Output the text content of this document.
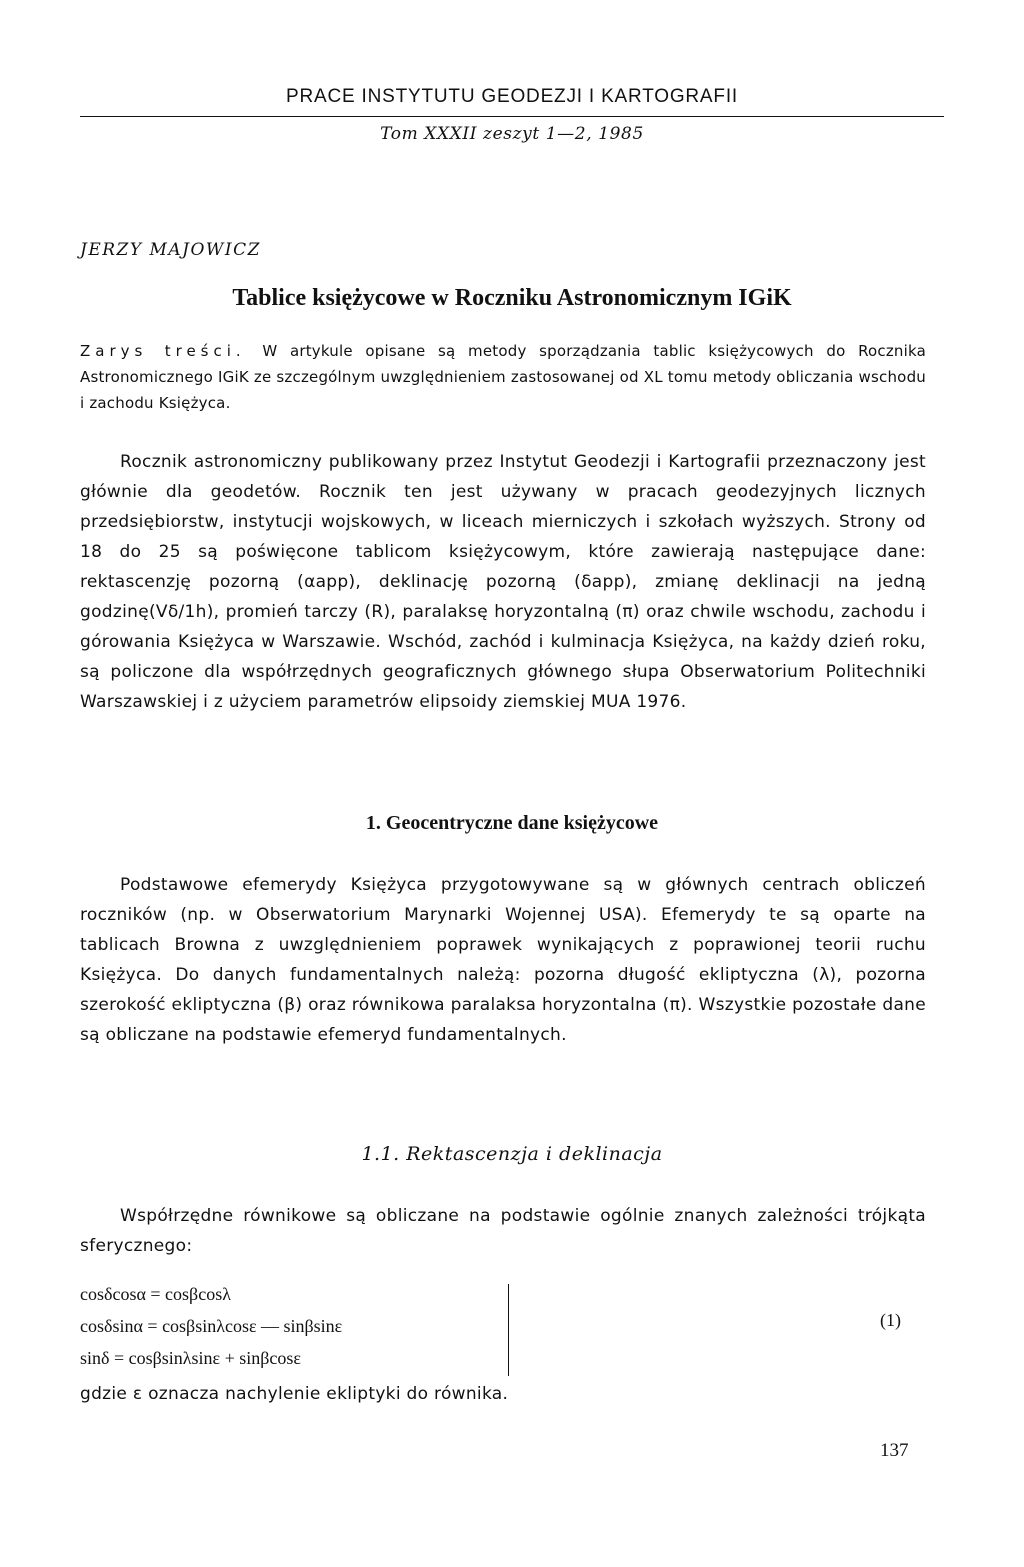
PRACE INSTYTUTU GEODEZJI I KARTOGRAFII
Tom XXXII zeszyt 1—2, 1985
JERZY MAJOWICZ
Tablice księżycowe w Roczniku Astronomicznym IGiK
Zarys treści. W artykule opisane są metody sporządzania tablic księżycowych do Rocznika Astronomicznego IGiK ze szczególnym uwzględnieniem zastosowanej od XL tomu metody obliczania wschodu i zachodu Księżyca.

Rocznik astronomiczny publikowany przez Instytut Geodezji i Kartografii przeznaczony jest głównie dla geodetów. Rocznik ten jest używany w pracach geodezyjnych licznych przedsiębiorstw, instytucji wojskowych, w liceach mierniczych i szkołach wyższych. Strony od 18 do 25 są poświęcone tablicom księżycowym, które zawierają następujące dane: rektascenzję pozorną (αapp), deklinację pozorną (δapp), zmianę deklinacji na jedną godzinę(Vδ/1h), promień tarczy (R), paralaksę horyzontalną (π) oraz chwile wschodu, zachodu i górowania Księżyca w Warszawie. Wschód, zachód i kulminacja Księżyca, na każdy dzień roku, są policzone dla współrzędnych geograficznych głównego słupa Obserwatorium Politechniki Warszawskiej i z użyciem parametrów elipsoidy ziemskiej MUA 1976.

1. Geocentryczne dane księżycowe

Podstawowe efemerydy Księżyca przygotowywane są w głównych centrach obliczeń roczników (np. w Obserwatorium Marynarki Wojennej USA). Efemerydy te są oparte na tablicach Browna z uwzględnieniem poprawek wynikających z poprawionej teorii ruchu Księżyca. Do danych fundamentalnych należą: pozorna długość ekliptyczna (λ), pozorna szerokość ekliptyczna (β) oraz równikowa paralaksa horyzontalna (π). Wszystkie pozostałe dane są obliczane na podstawie efemeryd fundamentalnych.

1.1. Rektascenzja i deklinacja

Współrzędne równikowe są obliczane na podstawie ogólnie znanych zależności trójkąta sferycznego:

cosδcosα = cosβcosλ
cosδsinα = cosβsinλcosε — sinβsinε
sinδ = cosβsinλsinε + sinβcosε
(1)
gdzie ε oznacza nachylenie ekliptyki do równika.
137
